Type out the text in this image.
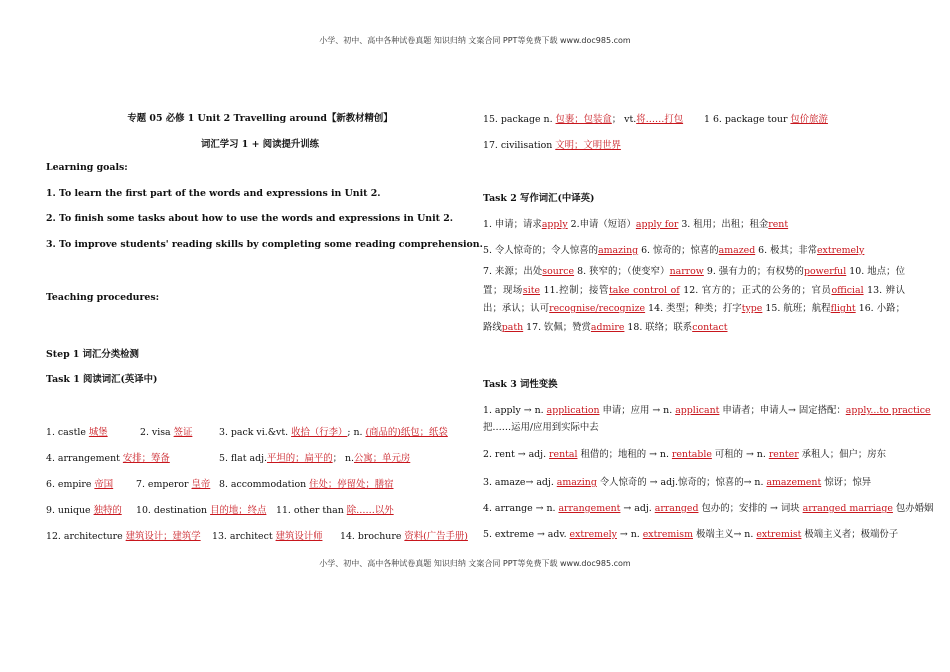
小学、初中、高中各种试卷真题 知识归纳 文案合同 PPT等免费下载 www.doc985.com
专题 05 必修 1 Unit 2 Travelling around【新教材精创】
词汇学习 1 + 阅读提升训练
Learning goals:
1. To learn the first part of the words and expressions in Unit 2.
2. To finish some tasks about how to use the words and expressions in Unit 2.
3. To improve students' reading skills by completing some reading comprehension.
Teaching procedures:
Step 1 词汇分类检测
Task 1 阅读词汇(英译中)
1. castle 城堡	2. visa 签证	3. pack vi.&vt. 收拾（行李）; n. (商品的)纸包；纸袋
4. arrangement 安排；筹备	5. flat adj.平坦的；扁平的； n.公寓；单元房
6. empire 帝国 7. emperor 皇帝 8. accommodation 住处；停留处；膳宿
9. unique 独特的 10. destination 目的地；终点 11. other than 除……以外
12. architecture 建筑设计；建筑学 13. architect 建筑设计师 14. brochure 资料(广告手册)
15. package n. 包裹；包装盒； vt.将……打包 1 6. package tour 包价旅游
17. civilisation 文明；文明世界
Task 2 写作词汇(中译英)
1. 申请；请求apply 2.申请（短语）apply for 3. 租用；出租；租金rent
5. 令人惊奇的；令人惊喜的amazing 6. 惊奇的；惊喜的amazed 6. 极其；非常extremely
7. 来源；出处source 8. 狭窄的；（使变窄）narrow 9. 强有力的；有权势的powerful 10. 地点；位置；现场site 11.控制；接管take control of 12. 官方的；正式的公务的；官员official 13. 辨认出；承认；认可recognise/recognize 14. 类型；种类；打字type 15. 航班；航程flight 16. 小路；路线path 17. 钦佩；赞赏admire 18. 联络；联系contact
Task 3 词性变换
1. apply → n. application 申请；应用 → n. applicant 申请者；申请人→ 固定搭配：apply...to practice
把……运用/应用到实际中去
2. rent → adj. rental 租借的；地租的 → n. rentable 可租的 → n. renter 承租人；佃户；房东
3. amaze→ adj. amazing 令人惊奇的 → adj.惊奇的；惊喜的→ n. amazement 惊讶；惊异
4. arrange → n. arrangement → adj. arranged 包办的；安排的 → 词块 arranged marriage 包办婚姻
5. extreme → adv. extremely → n. extremism 极端主义→ n. extremist 极端主义者；极端份子
小学、初中、高中各种试卷真题 知识归纳 文案合同 PPT等免费下载 www.doc985.com
